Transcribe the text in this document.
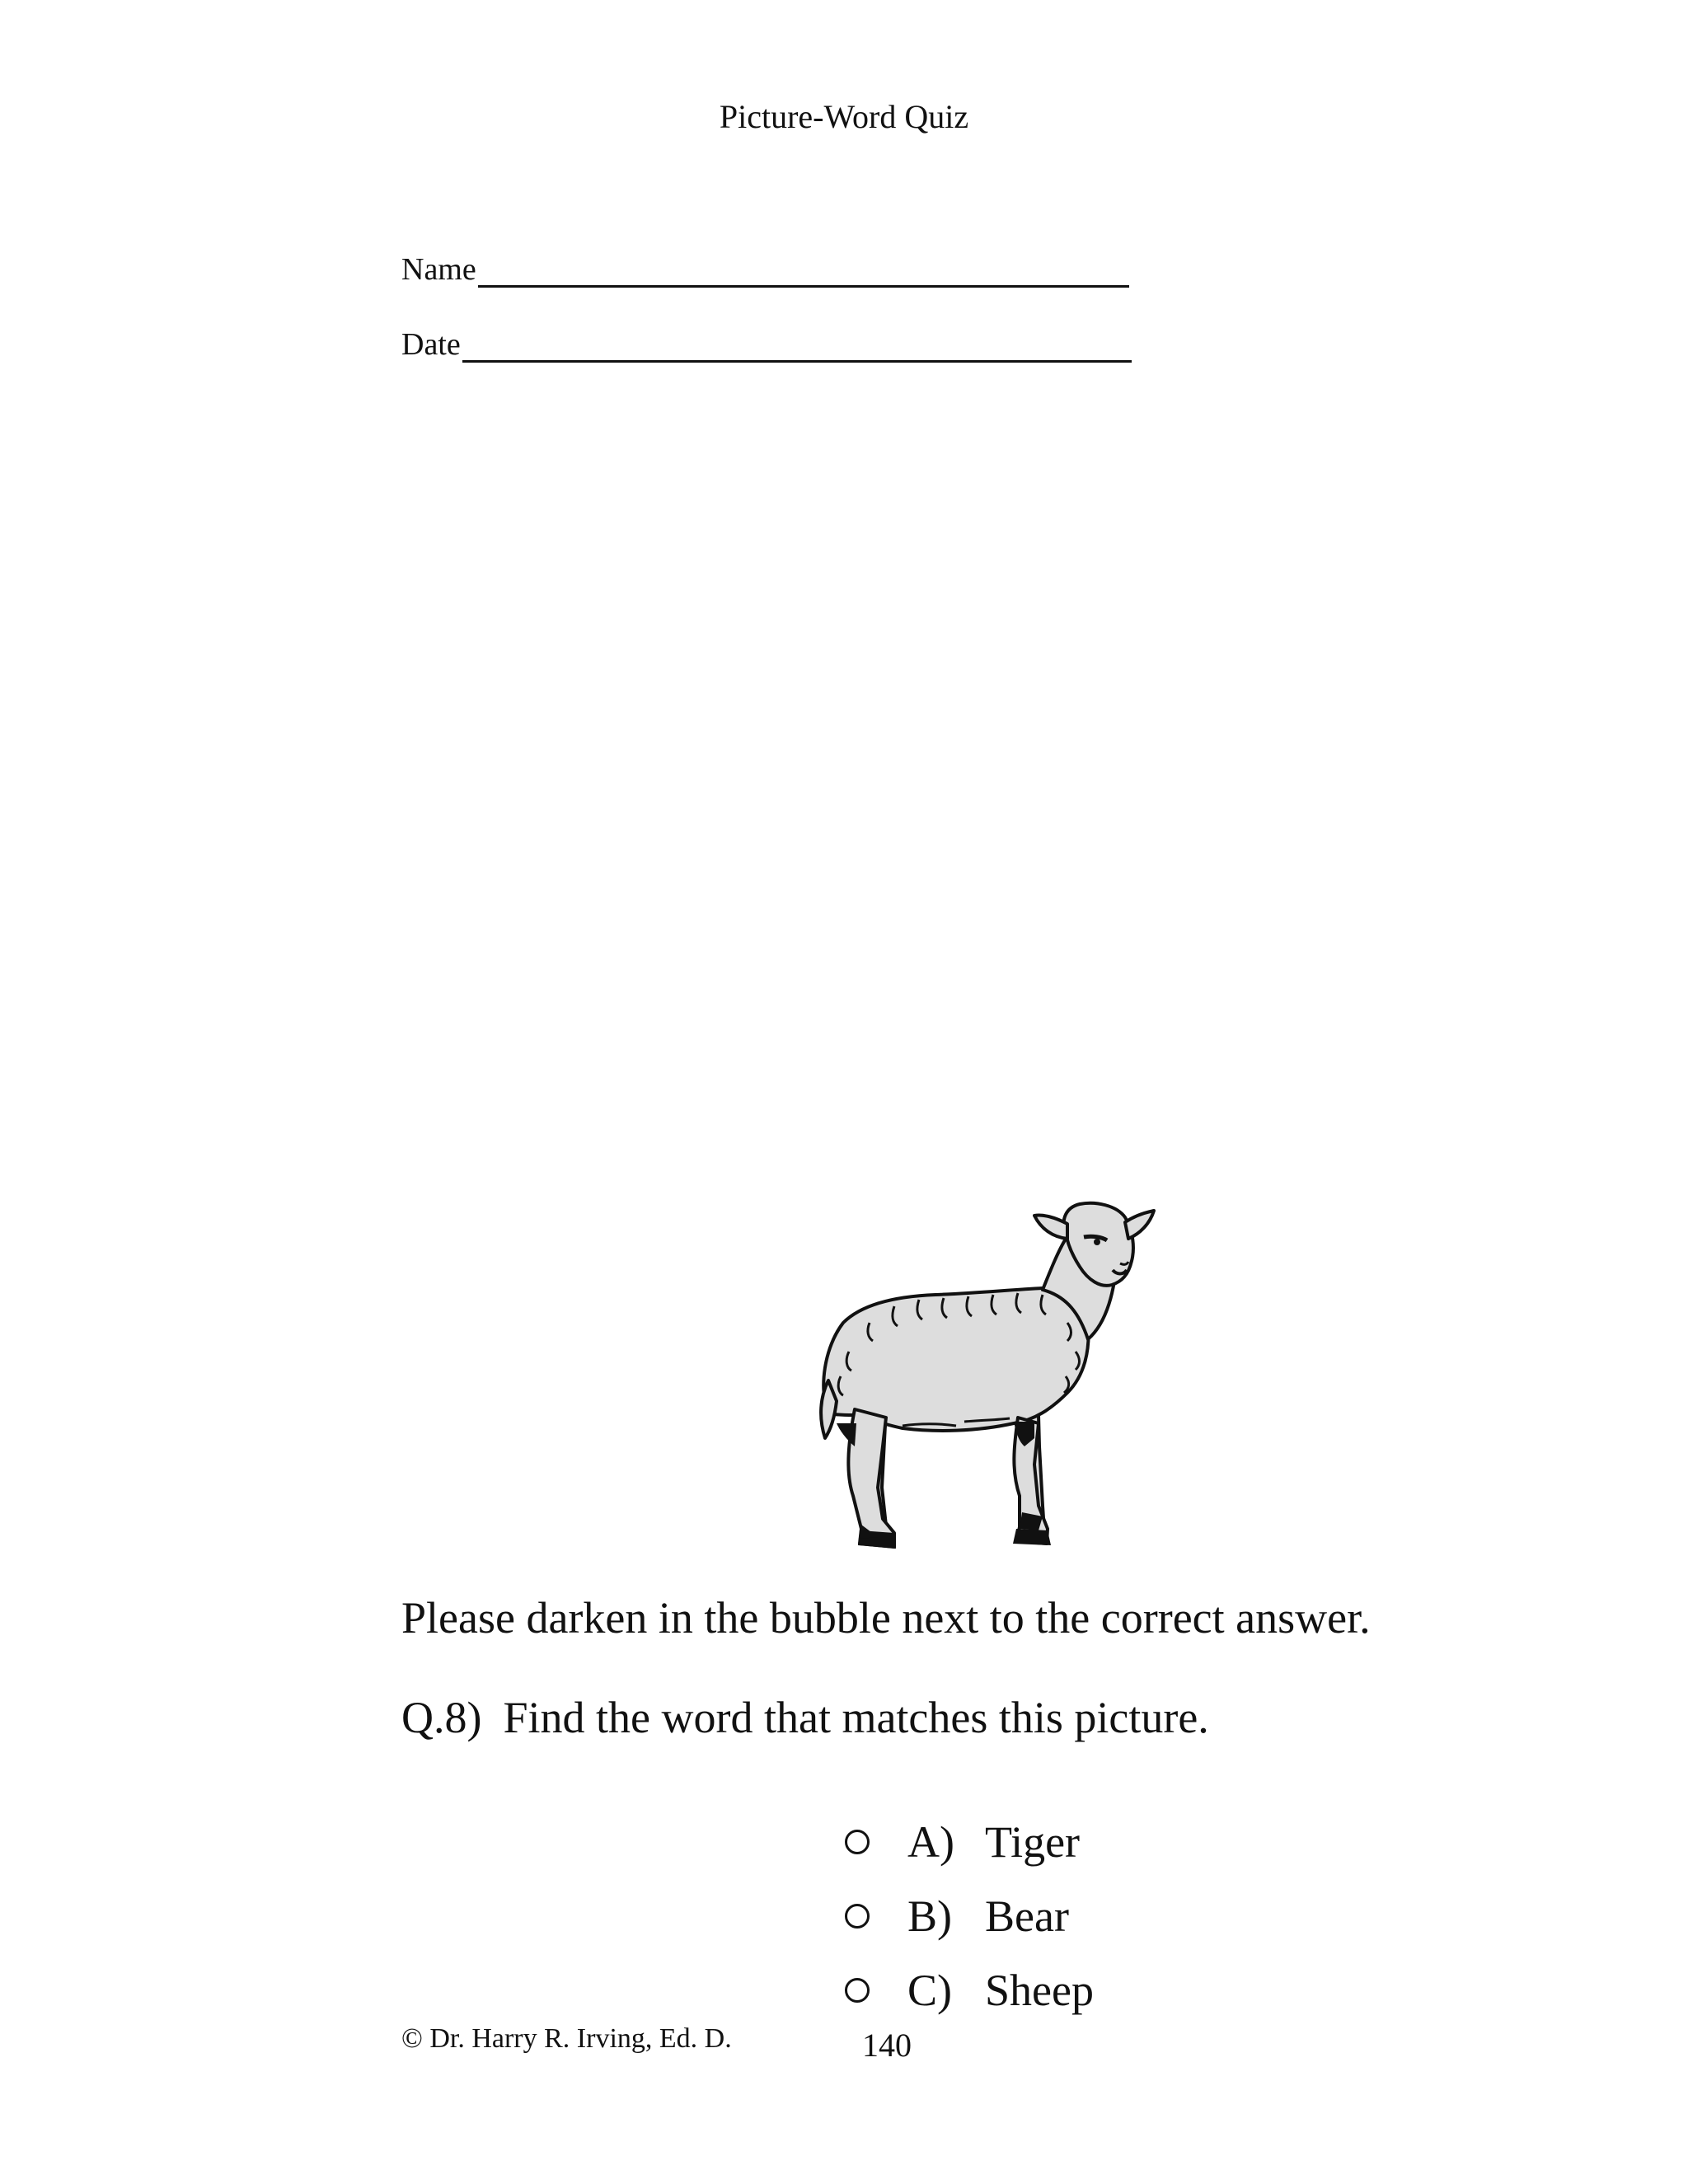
Picture-Word Quiz
Name
Date
Please darken in the bubble next to the correct answer.
Q.8) Find the word that matches this picture.
A) Tiger
B) Bear
C) Sheep
© Dr. Harry R. Irving, Ed. D.	140
